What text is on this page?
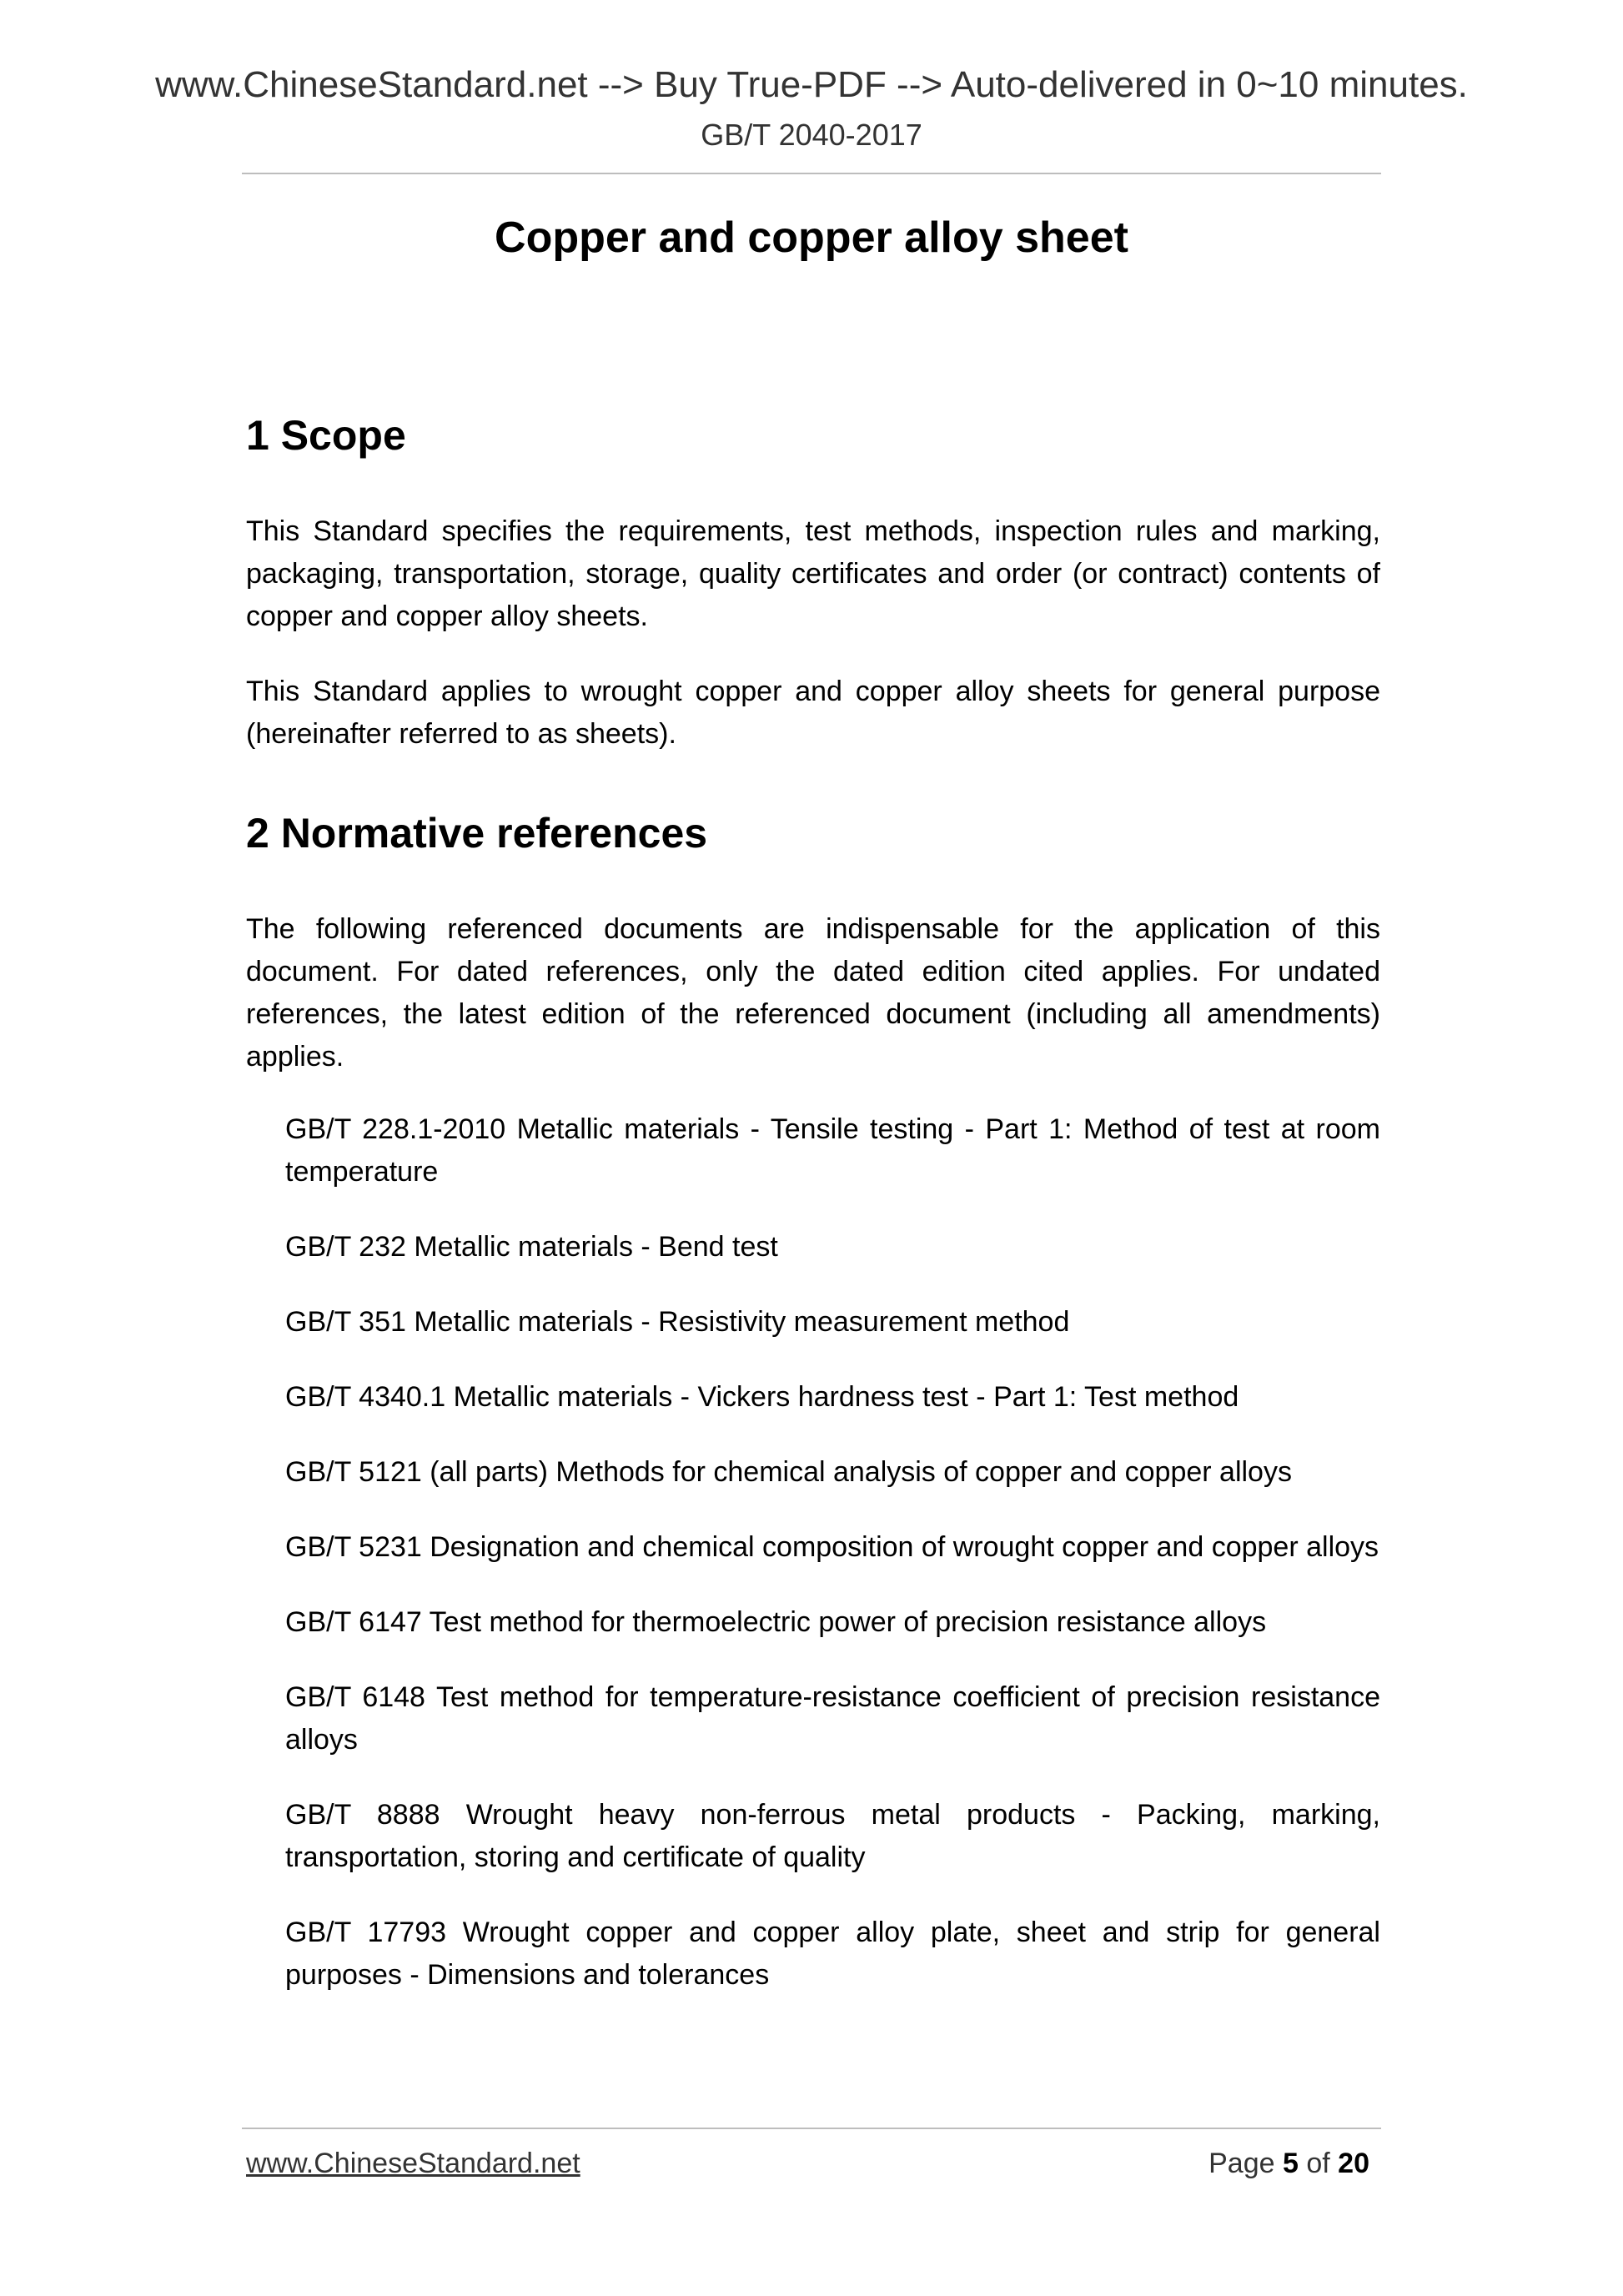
www.ChineseStandard.net --> Buy True-PDF --> Auto-delivered in 0~10 minutes.
GB/T 2040-2017
Copper and copper alloy sheet
1 Scope

This Standard specifies the requirements, test methods, inspection rules and marking, packaging, transportation, storage, quality certificates and order (or contract) contents of copper and copper alloy sheets.

This Standard applies to wrought copper and copper alloy sheets for general purpose (hereinafter referred to as sheets).

2 Normative references

The following referenced documents are indispensable for the application of this document. For dated references, only the dated edition cited applies. For undated references, the latest edition of the referenced document (including all amendments) applies.

GB/T 228.1-2010 Metallic materials - Tensile testing - Part 1: Method of test at room temperature
GB/T 232 Metallic materials - Bend test
GB/T 351 Metallic materials - Resistivity measurement method
GB/T 4340.1 Metallic materials - Vickers hardness test - Part 1: Test method
GB/T 5121 (all parts) Methods for chemical analysis of copper and copper alloys
GB/T 5231 Designation and chemical composition of wrought copper and copper alloys
GB/T 6147 Test method for thermoelectric power of precision resistance alloys
GB/T 6148 Test method for temperature-resistance coefficient of precision resistance alloys
GB/T 8888 Wrought heavy non-ferrous metal products - Packing, marking, transportation, storing and certificate of quality
GB/T 17793 Wrought copper and copper alloy plate, sheet and strip for general purposes - Dimensions and tolerances
www.ChineseStandard.net	Page 5 of 20
